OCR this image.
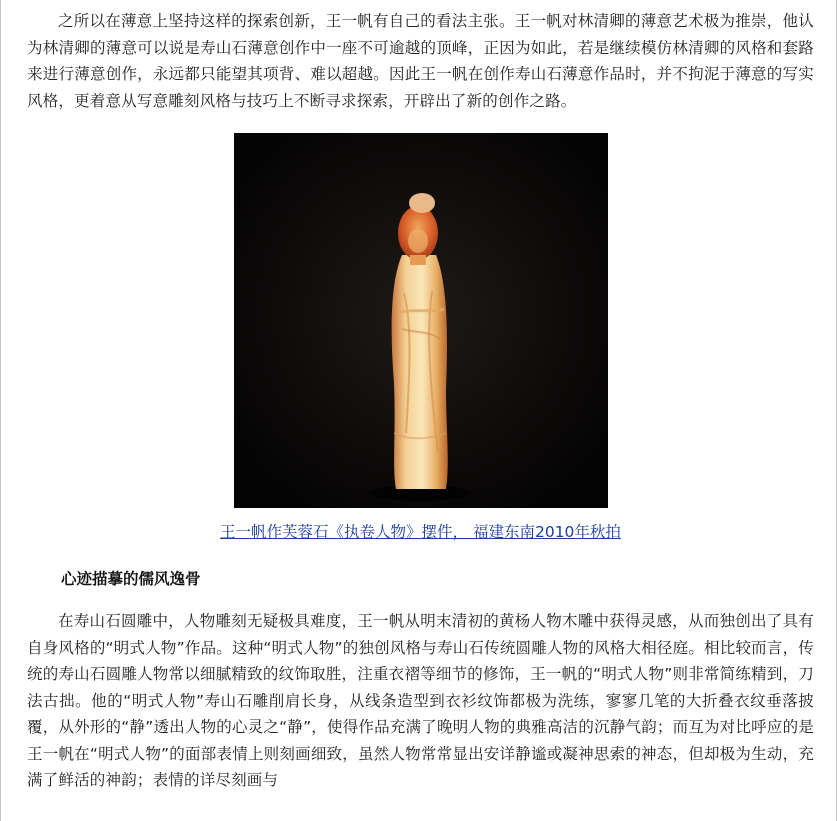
之所以在薄意上坚持这样的探索创新，王一帆有自己的看法主张。王一帆对林清卿的薄意艺术极为推崇，他认为林清卿的薄意可以说是寿山石薄意创作中一座不可逾越的顶峰，正因为如此，若是继续模仿林清卿的风格和套路来进行薄意创作，永远都只能望其项背、难以超越。因此王一帆在创作寿山石薄意作品时，并不拘泥于薄意的写实风格，更着意从写意雕刻风格与技巧上不断寻求探索，开辟出了新的创作之路。

王一帆作芙蓉石《执卷人物》摆件， 福建东南2010年秋拍
心迹描摹的儒风逸骨

在寿山石圆雕中，人物雕刻无疑极具难度，王一帆从明末清初的黄杨人物木雕中获得灵感，从而独创出了具有自身风格的“明式人物”作品。这种“明式人物”的独创风格与寿山石传统圆雕人物的风格大相径庭。相比较而言，传统的寿山石圆雕人物常以细腻精致的纹饰取胜，注重衣褶等细节的修饰，王一帆的“明式人物”则非常简练精到，刀法古拙。他的“明式人物”寿山石雕削肩长身，从线条造型到衣衫纹饰都极为洗练，寥寥几笔的大折叠衣纹垂落披覆，从外形的“静”透出人物的心灵之“静”，使得作品充满了晚明人物的典雅高洁的沉静气韵；而互为对比呼应的是王一帆在“明式人物”的面部表情上则刻画细致，虽然人物常常显出安详静谧或凝神思索的神态，但却极为生动，充满了鲜活的神韵；表情的详尽刻画与
